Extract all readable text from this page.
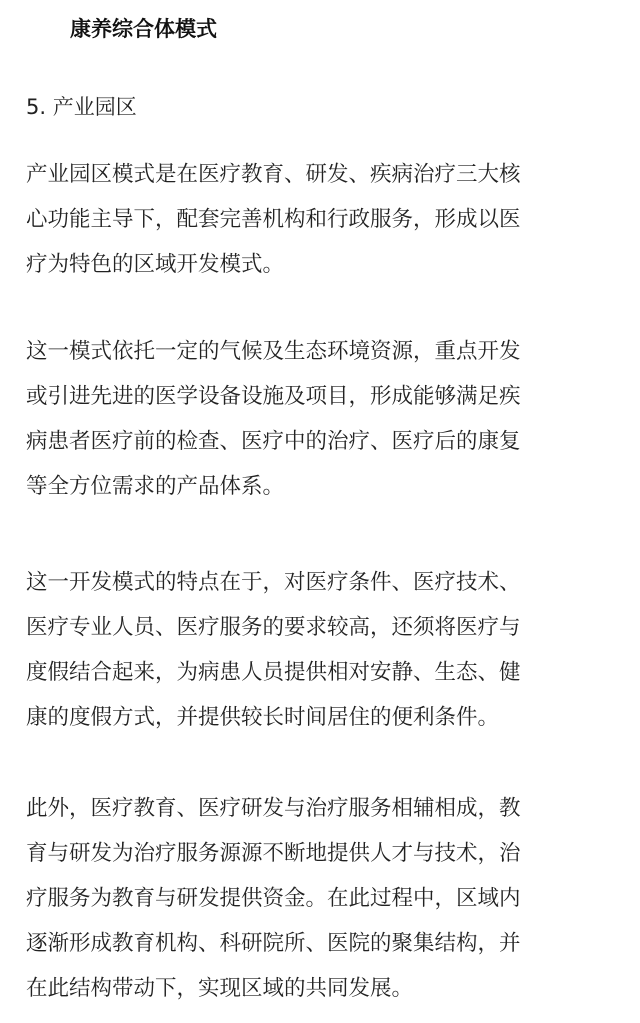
康养综合体模式
5. 产业园区
产业园区模式是在医疗教育、研发、疾病治疗三大核
心功能主导下，配套完善机构和行政服务，形成以医
疗为特色的区域开发模式。
这一模式依托一定的气候及生态环境资源，重点开发
或引进先进的医学设备设施及项目，形成能够满足疾
病患者医疗前的检查、医疗中的治疗、医疗后的康复
等全方位需求的产品体系。
这一开发模式的特点在于，对医疗条件、医疗技术、
医疗专业人员、医疗服务的要求较高，还须将医疗与
度假结合起来，为病患人员提供相对安静、生态、健
康的度假方式，并提供较长时间居住的便利条件。
此外，医疗教育、医疗研发与治疗服务相辅相成，教
育与研发为治疗服务源源不断地提供人才与技术，治
疗服务为教育与研发提供资金。在此过程中，区域内
逐渐形成教育机构、科研院所、医院的聚集结构，并
在此结构带动下，实现区域的共同发展。
